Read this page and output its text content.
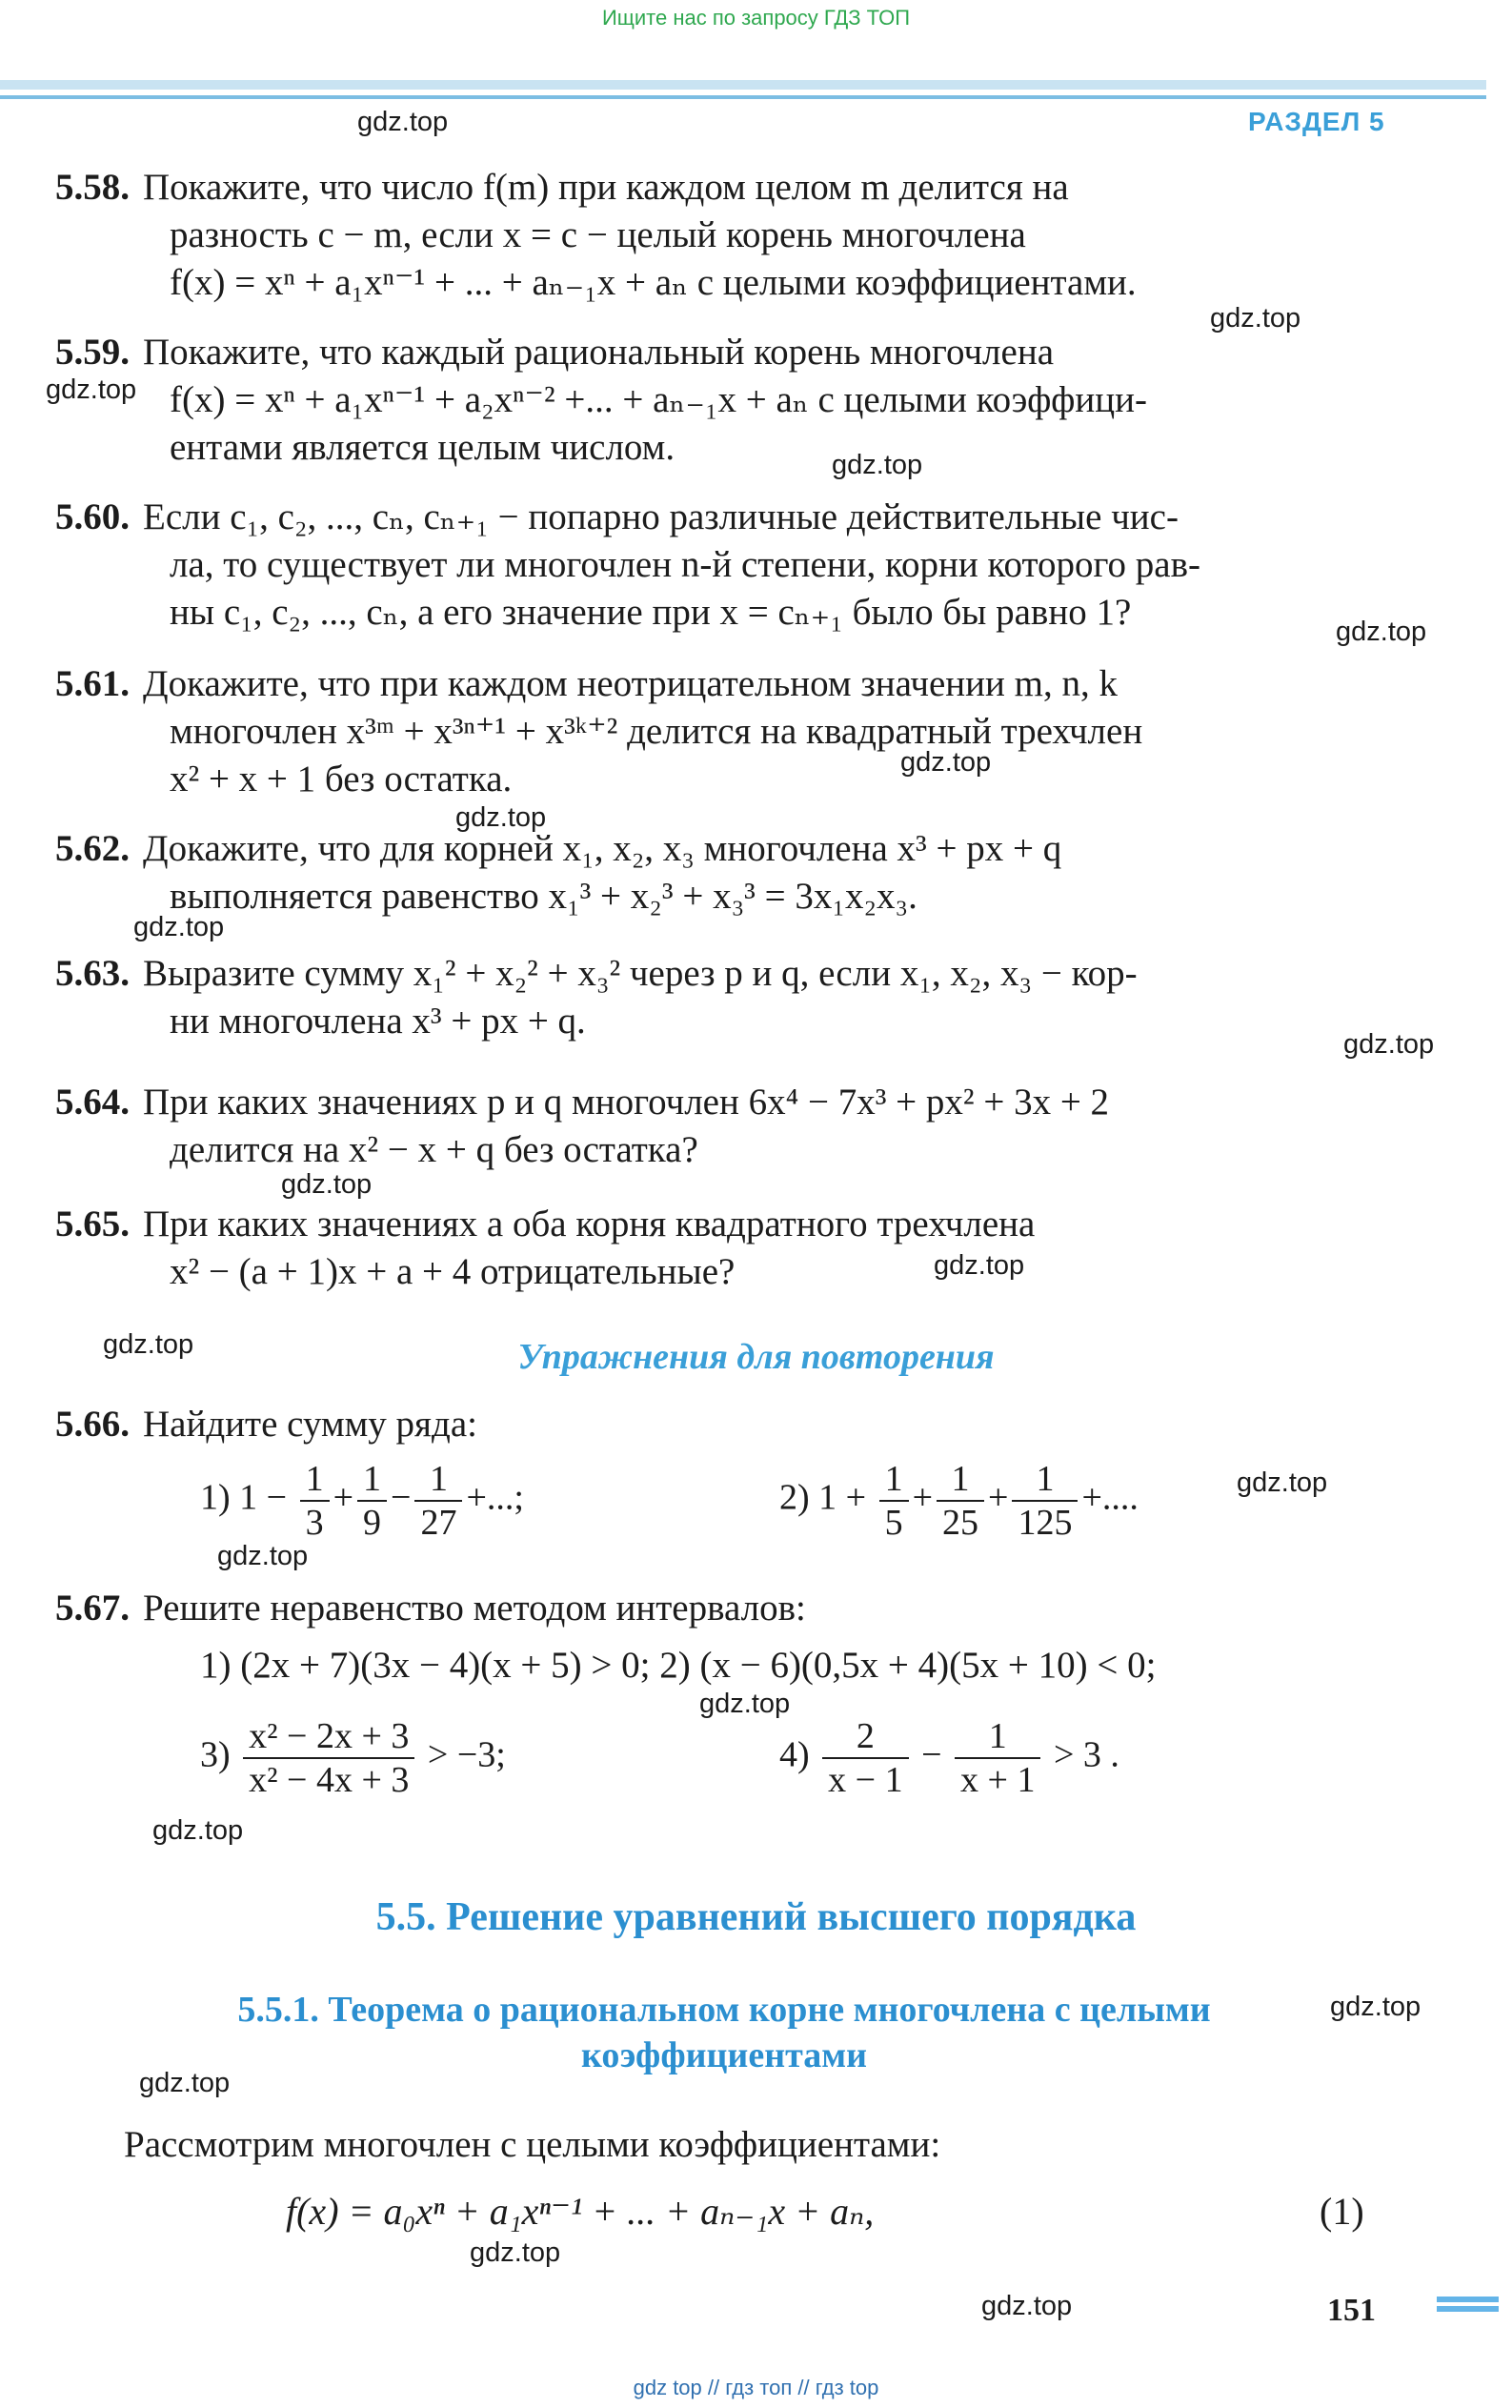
Ищите нас по запросу ГДЗ ТОП
РАЗДЕЛ 5
gdz.top
gdz.top
gdz.top
gdz.top
gdz.top
gdz.top
gdz.top
gdz.top
gdz.top
gdz.top
gdz.top
gdz.top
gdz.top
gdz.top
gdz.top
gdz.top
gdz.top
gdz.top
gdz.top
gdz.top
5.58. Покажите, что число f(m) при каждом целом m делится на
разность c − m, если x = c − целый корень многочлена
f(x) = xⁿ + a₁xⁿ⁻¹ + ... + aₙ₋₁x + aₙ с целыми коэффициентами.
5.59. Покажите, что каждый рациональный корень многочлена
f(x) = xⁿ + a₁xⁿ⁻¹ + a₂xⁿ⁻² +... + aₙ₋₁x + aₙ с целыми коэффици-
ентами является целым числом.
5.60. Если c₁, c₂, ..., cₙ, cₙ₊₁ − попарно различные действительные чис-
ла, то существует ли многочлен n-й степени, корни которого рав-
ны c₁, c₂, ..., cₙ, а его значение при x = cₙ₊₁ было бы равно 1?
5.61. Докажите, что при каждом неотрицательном значении m, n, k
многочлен x³ᵐ + x³ⁿ⁺¹ + x³ᵏ⁺² делится на квадратный трехчлен
x² + x + 1 без остатка.
5.62. Докажите, что для корней x₁, x₂, x₃ многочлена x³ + px + q
выполняется равенство x₁³ + x₂³ + x₃³ = 3x₁x₂x₃.
5.63. Выразите сумму x₁² + x₂² + x₃² через p и q, если x₁, x₂, x₃ − кор-
ни многочлена x³ + px + q.
5.64. При каких значениях p и q многочлен 6x⁴ − 7x³ + px² + 3x + 2
делится на x² − x + q без остатка?
5.65. При каких значениях a оба корня квадратного трехчлена
x² − (a + 1)x + a + 4 отрицательные?
Упражнения для повторения
5.66. Найдите сумму ряда:
1) $1 - \frac{1}{3} + \frac{1}{9} - \frac{1}{27}$ +...;	2) $1 + \frac{1}{5} + \frac{1}{25} + \frac{1}{125}$ +....
5.67. Решите неравенство методом интервалов:
1) (2x + 7)(3x − 4)(x + 5) > 0; 2) (x − 6)(0,5x + 4)(5x + 10) < 0;
$3) \frac{\text{x² − 2x + 3}}{\text{x² − 4x + 3}} > -3$;	$4) \frac{2}{x - 1} - \frac{1}{x + 1} > 3$ .
5.5. Решение уравнений высшего порядка
5.5.1. Теорема о рациональном корне многочлена с целыми коэффициентами
Рассмотрим многочлен с целыми коэффициентами:
f(x) = a₀xⁿ + a₁xⁿ⁻¹ + ... + aₙ₋₁x + aₙ,	(1)
151
gdz top // гдз топ // гдз top
